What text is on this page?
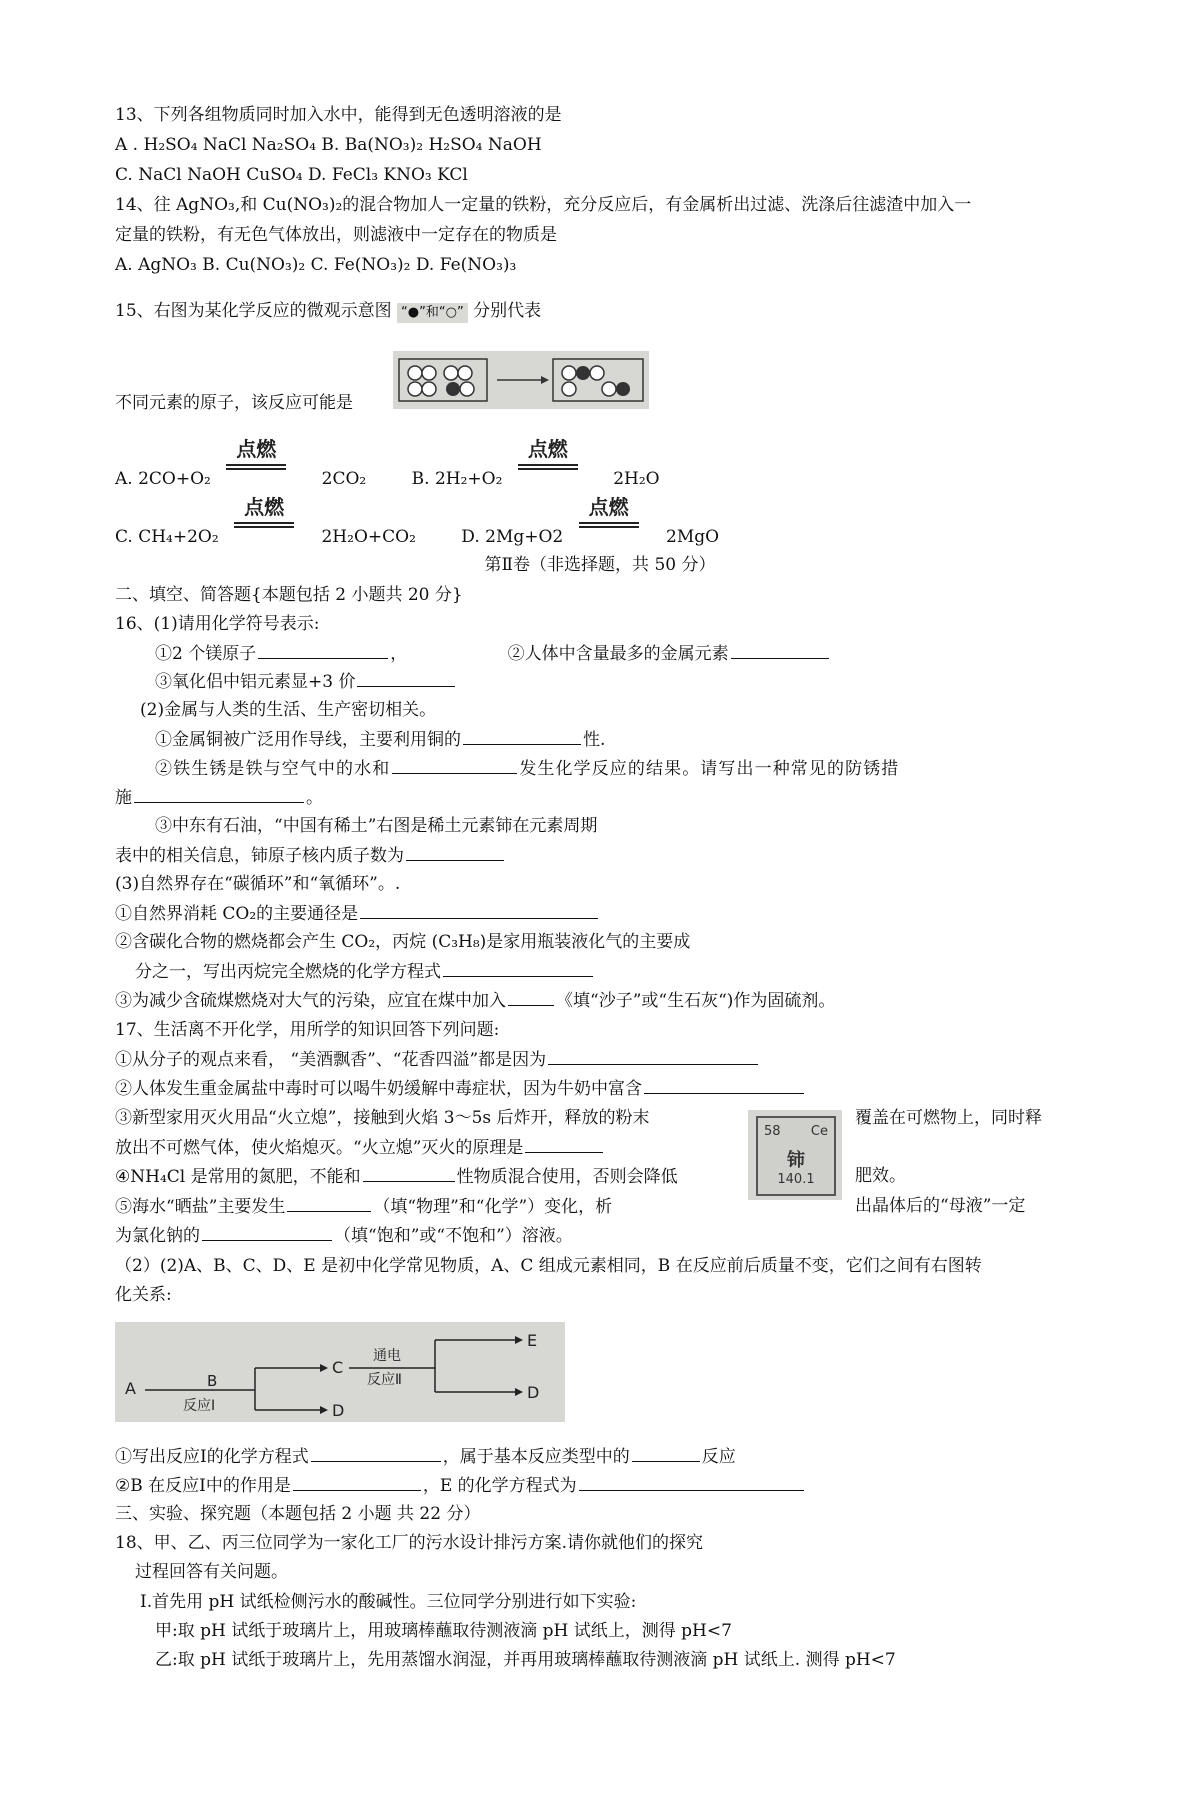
13、下列各组物质同时加入水中，能得到无色透明溶液的是
A . H₂SO₄ NaCl Na₂SO₄ B. Ba(NO₃)₂ H₂SO₄ NaOH
C. NaCl NaOH CuSO₄ D. FeCl₃ KNO₃ KCl
14、往 AgNO₃,和 Cu(NO₃)₂的混合物加人一定量的铁粉，充分反应后，有金属析出过滤、洗涤后往滤渣中加入一
定量的铁粉，有无色气体放出，则滤液中一定存在的物质是
A. AgNO₃ B. Cu(NO₃)₂ C. Fe(NO₃)₂ D. Fe(NO₃)₃
15、右图为某化学反应的微观示意图 “●”和“○” 分别代表
不同元素的原子，该反应可能是
A. 2CO+O₂
点燃
2CO₂	B. 2H₂+O₂
点燃
2H₂O
C. CH₄+2O₂
点燃
2H₂O+CO₂	D. 2Mg+O2
点燃
2MgO
第Ⅱ卷（非选择题，共 50 分）
二、填空、简答题{本题包括 2 小题共 20 分}
16、(1)请用化学符号表示:
①2 个镁原子	，	②人体中含量最多的金属元素
③氧化侣中铝元素显+3 价
(2)金属与人类的生活、生产密切相关。
①金属铜被广泛用作导线，主要利用铜的	性.
②铁生锈是铁与空气中的水和	发生化学反应的结果。请写出一种常见的防锈措
施	。
③中东有石油，“中国有稀土”右图是稀土元素铈在元素周期
表中的相关信息，铈原子核内质子数为
(3)自然界存在“碳循环”和“氧循环”。.
①自然界消耗 CO₂的主要通径是
②含碳化合物的燃烧都会产生 CO₂，丙烷 (C₃H₈)是家用瓶装液化气的主要成
分之一，写出丙烷完全燃烧的化学方程式
③为减少含硫煤燃烧对大气的污染，应宜在煤中加入	《填“沙子”或“生石灰“)作为固硫剂。
17、生活离不开化学，用所学的知识回答下列问题:
①从分子的观点来看， “美酒飘香”、“花香四溢”都是因为
②人体发生重金属盐中毒时可以喝牛奶缓解中毒症状，因为牛奶中富含
③新型家用灭火用品“火立熄”，接触到火焰 3～5s 后炸开，释放的粉末	覆盖在可燃物上，同时释
放出不可燃气体，使火焰熄灭。“火立熄”灭火的原理是
④NH₄Cl 是常用的氮肥，不能和	性物质混合使用，否则会降低	肥效。
⑤海水“晒盐”主要发生	（填“物理”和“化学”）变化，析	出晶体后的“母液”一定
为氯化钠的	（填“饱和”或“不饱和”）溶液。
58 Ce
铈
140.1
（2）(2)A、B、C、D、E 是初中化学常见物质，A、C 组成元素相同，B 在反应前后质量不变，它们之间有右图转
化关系:
A	B
反应Ⅰ
C
D
通电
反应Ⅱ
E
D
①写出反应Ⅰ的化学方程式	，属于基本反应类型中的	反应
②B 在反应Ⅰ中的作用是	，E 的化学方程式为
三、实验、探究题（本题包括 2 小题 共 22 分）
18、甲、乙、丙三位同学为一家化工厂的污水设计排污方案.请你就他们的探究
过程回答有关问题。
Ⅰ.首先用 pH 试纸检侧污水的酸碱性。三位同学分别进行如下实验:
甲:取 pH 试纸于玻璃片上，用玻璃棒蘸取待测液滴 pH 试纸上，测得 pH<7
乙:取 pH 试纸于玻璃片上，先用蒸馏水润湿，并再用玻璃棒蘸取待测液滴 pH 试纸上. 测得 pH<7
